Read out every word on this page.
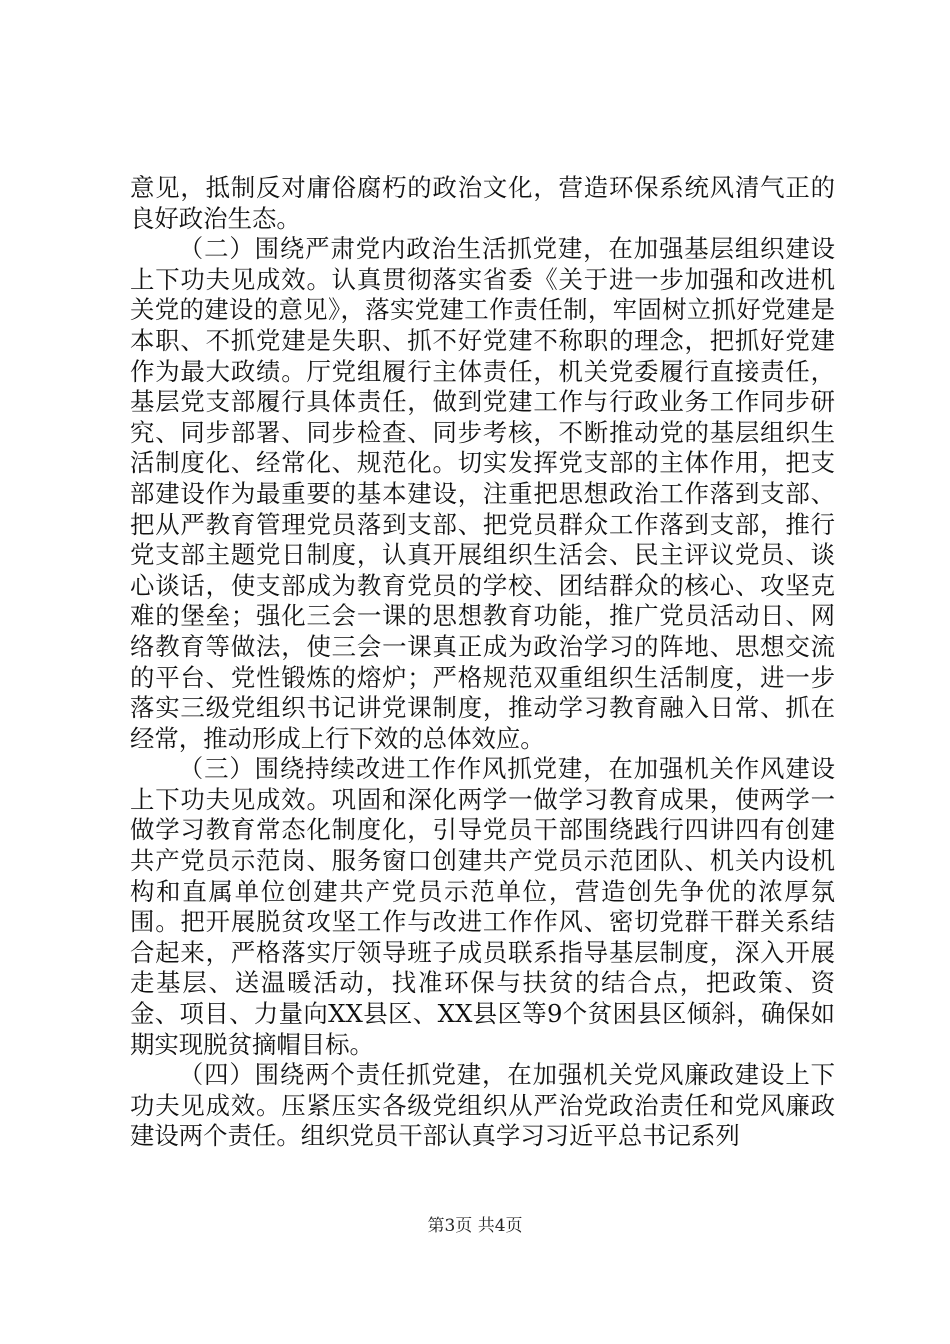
意见，抵制反对庸俗腐朽的政治文化，营造环保系统风清气正的良好政治生态。

（二）围绕严肃党内政治生活抓党建，在加强基层组织建设上下功夫见成效。认真贯彻落实省委《关于进一步加强和改进机关党的建设的意见》，落实党建工作责任制，牢固树立抓好党建是本职、不抓党建是失职、抓不好党建不称职的理念，把抓好党建作为最大政绩。厅党组履行主体责任，机关党委履行直接责任，基层党支部履行具体责任，做到党建工作与行政业务工作同步研究、同步部署、同步检查、同步考核，不断推动党的基层组织生活制度化、经常化、规范化。切实发挥党支部的主体作用，把支部建设作为最重要的基本建设，注重把思想政治工作落到支部、把从严教育管理党员落到支部、把党员群众工作落到支部，推行党支部主题党日制度，认真开展组织生活会、民主评议党员、谈心谈话，使支部成为教育党员的学校、团结群众的核心、攻坚克难的堡垒；强化三会一课的思想教育功能，推广党员活动日、网络教育等做法，使三会一课真正成为政治学习的阵地、思想交流的平台、党性锻炼的熔炉；严格规范双重组织生活制度，进一步落实三级党组织书记讲党课制度，推动学习教育融入日常、抓在经常，推动形成上行下效的总体效应。

（三）围绕持续改进工作作风抓党建，在加强机关作风建设上下功夫见成效。巩固和深化两学一做学习教育成果，使两学一做学习教育常态化制度化，引导党员干部围绕践行四讲四有创建共产党员示范岗、服务窗口创建共产党员示范团队、机关内设机构和直属单位创建共产党员示范单位，营造创先争优的浓厚氛围。把开展脱贫攻坚工作与改进工作作风、密切党群干群关系结合起来，严格落实厅领导班子成员联系指导基层制度，深入开展走基层、送温暖活动，找准环保与扶贫的结合点，把政策、资金、项目、力量向XX县区、XX县区等9个贫困县区倾斜，确保如期实现脱贫摘帽目标。

（四）围绕两个责任抓党建，在加强机关党风廉政建设上下功夫见成效。压紧压实各级党组织从严治党政治责任和党风廉政建设两个责任。组织党员干部认真学习习近平总书记系列

第3页 共4页
